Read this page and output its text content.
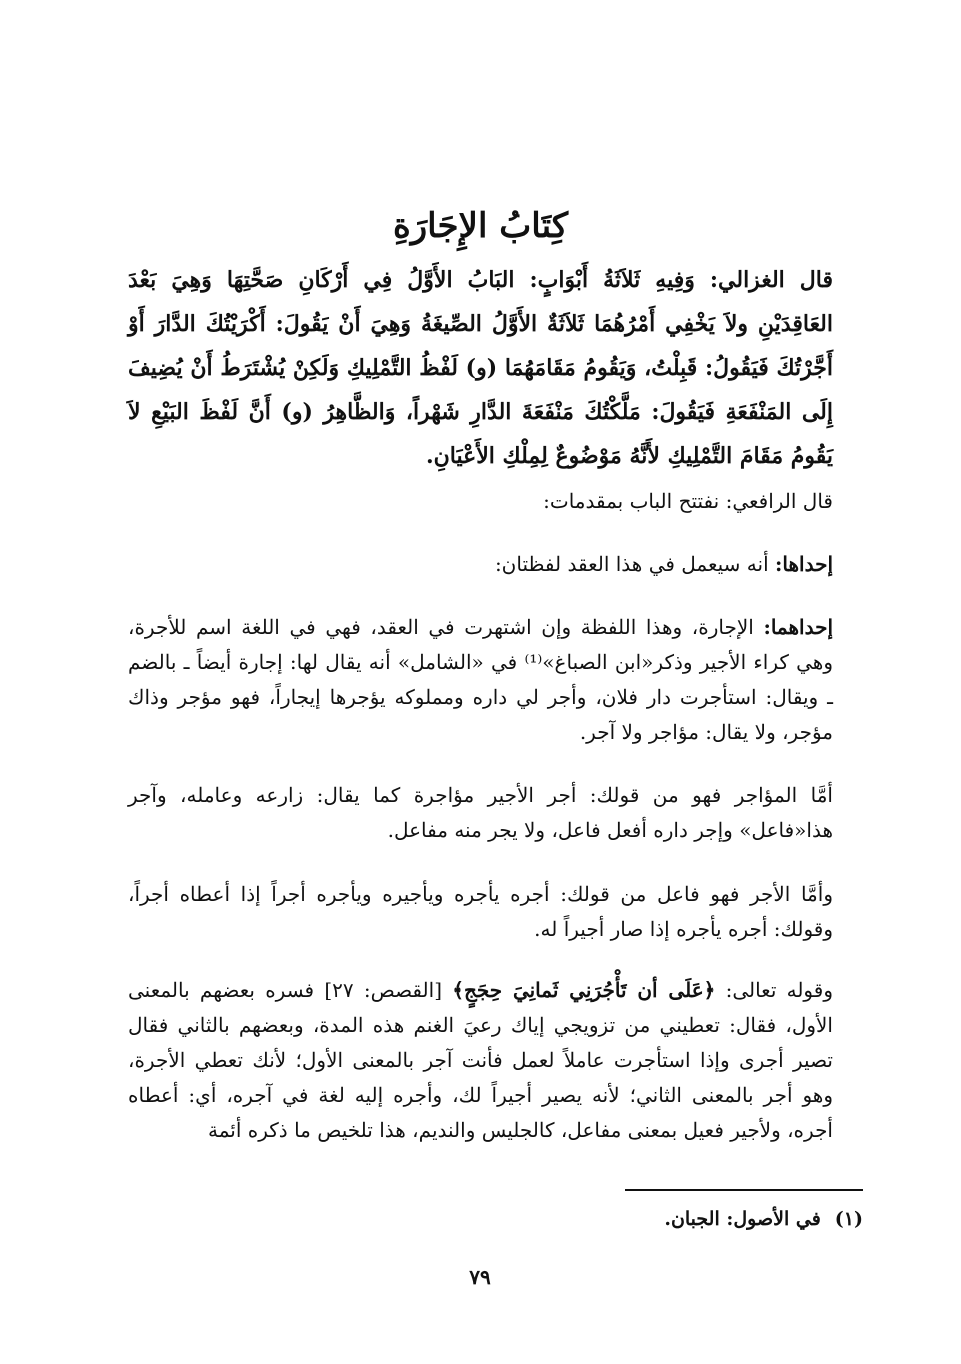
كِتَابُ الإِجَارَةِ
قال الغزالي: وَفِيهِ ثَلاَثَةُ أَبْوَابٍ: البَابُ الأَوَّلُ فِي أَرْكَانِ صَحَّتِهَا وَهِيَ بَعْدَ العَاقِدَيْنِ ولاَ يَخْفِي أَمْرُهُمَا ثَلاَثَةٌ الأَوَّلُ الصِّيغَةُ وَهِيَ أَنْ يَقُولَ: أَكْرَيْتُكَ الدَّارَ أَوْ أَجَّرْتُكَ فَيَقُولُ: قَبِلْتُ، وَيَقُومُ مَقَامَهُمَا (و) لَفْظُ التَّمْلِيكِ وَلَكِنْ يُشْتَرَطُ أَنْ يُضِيفَ إِلَى المَنْفَعَةِ فَيَقُولَ: مَلَّكْتُكَ مَنْفَعَةَ الدَّارِ شَهْراً، وَالظَّاهِرُ (و) أَنَّ لَفْظَ البَيْعِ لاَ يَقُومُ مَقَامَ التَّمْلِيكِ لأَنَّهُ مَوْضُوعٌ لِمِلْكِ الأَعْيَانِ.

قال الرافعي: نفتتح الباب بمقدمات:

إحداها: أنه سيعمل في هذا العقد لفظتان:

إحداهما: الإجارة، وهذا اللفظة وإن اشتهرت في العقد، فهي في اللغة اسم للأجرة، وهي كراء الأجير وذكر«ابن الصباغ»⁽¹⁾ في «الشامل» أنه يقال لها: إجارة أيضاً ـ بالضم ـ ويقال: استأجرت دار فلان، وأجر لي داره ومملوكه يؤجرها إيجاراً، فهو مؤجر وذاك مؤجر، ولا يقال: مؤاجر ولا آجر.

أمَّا المؤاجر فهو من قولك: أجر الأجير مؤاجرة كما يقال: زارعه وعامله، وآجر هذا«فاعل» وإجر داره أفعل فاعل، ولا يجر منه مفاعل.

وأمَّا الأجر فهو فاعل من قولك: أجره يأجره ويأجيره ويأجره أجراً إذا أعطاه أجراً، وقولك: أجره يأجره إذا صار أجيراً له.

وقوله تعالى: ﴿عَلَى أن تَأْجُرَنِي ثَمانِيَ حِجَجٍ﴾ [القصص: ٢٧] فسره بعضهم بالمعنى الأول، فقال: تعطيني من تزويجي إياك رعيَ الغنم هذه المدة، وبعضهم بالثاني فقال تصير أجرى وإذا استأجرت عاملاً لعمل فأنت آجر بالمعنى الأول؛ لأنك تعطي الأجرة، وهو أجر بالمعنى الثاني؛ لأنه يصير أجيراً لك، وأجره إليه لغة في آجره، أي: أعطاه أجره، ولأجير فعيل بمعنى مفاعل، كالجليس والنديم، هذا تلخيص ما ذكره أئمة

(١)في الأصول: الجبان.
٧٩
